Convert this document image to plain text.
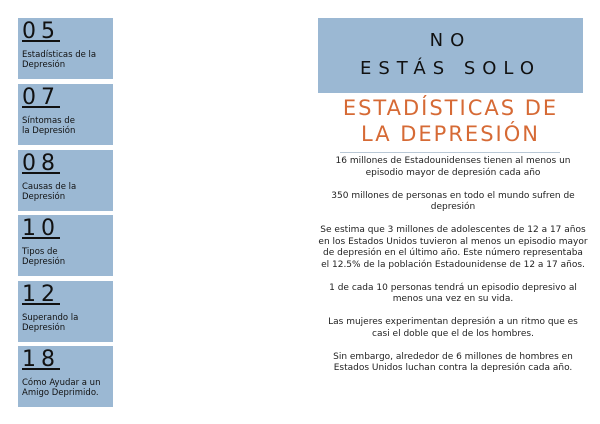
05
Estadísticas de la
Depresión
07
Síntomas de
la Depresión
08
Causas de la
Depresión
10
Tipos de
Depresión
12
Superando la
Depresión
18
Cómo Ayudar a un
Amigo Deprimido.
NO
ESTÁS SOLO
ESTADÍSTICAS DE
LA DEPRESIÓN

16 millones de Estadounidenses tienen al menos un episodio mayor de depresión cada año

350 millones de personas en todo el mundo sufren de depresión

Se estima que 3 millones de adolescentes de 12 a 17 años en los Estados Unidos tuvieron al menos un episodio mayor de depresión en el último año. Este número representaba el 12.5% de la población Estadounidense de 12 a 17 años.

1 de cada 10 personas tendrá un episodio depresivo al menos una vez en su vida.

Las mujeres experimentan depresión a un ritmo que es casi el doble que el de los hombres.

Sin embargo, alrededor de 6 millones de hombres en Estados Unidos luchan contra la depresión cada año.
